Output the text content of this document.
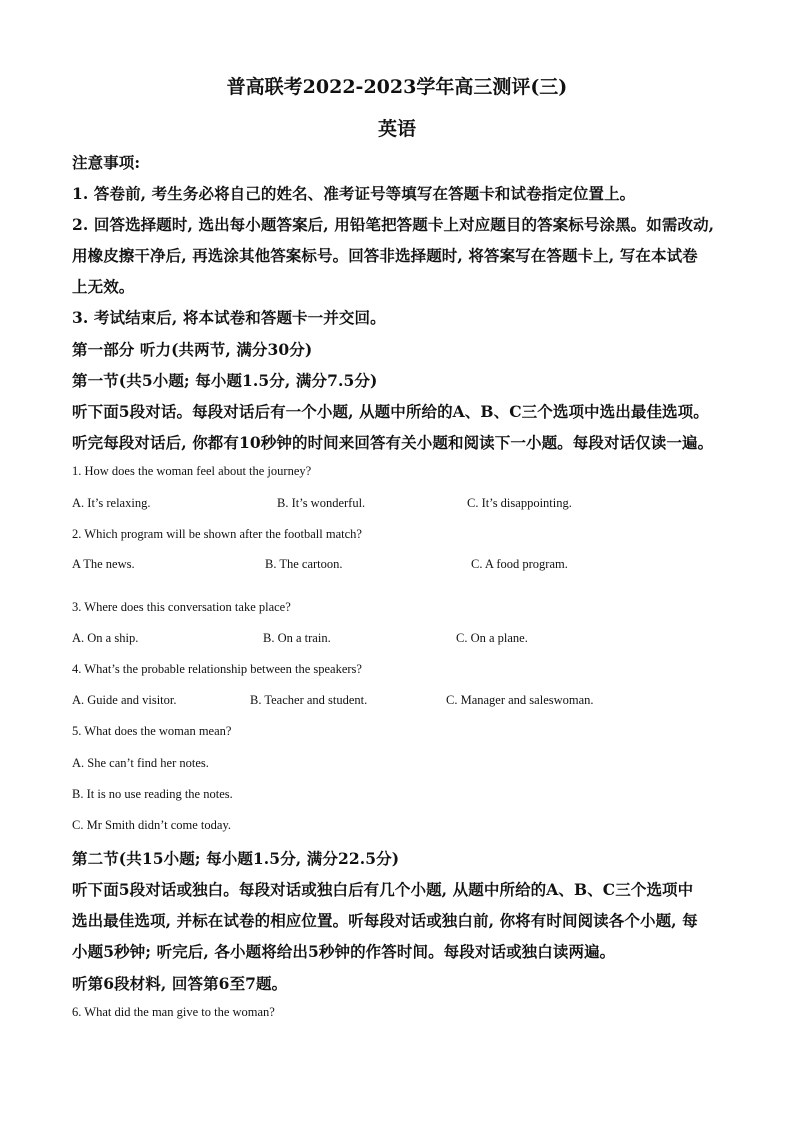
普高联考2022-2023学年高三测评(三)
英语
注意事项:
1. 答卷前, 考生务必将自己的姓名、准考证号等填写在答题卡和试卷指定位置上。
2. 回答选择题时, 选出每小题答案后, 用铅笔把答题卡上对应题目的答案标号涂黑。如需改动,
用橡皮擦干净后, 再选涂其他答案标号。回答非选择题时, 将答案写在答题卡上, 写在本试卷
上无效。
3. 考试结束后, 将本试卷和答题卡一并交回。
第一部分 听力(共两节, 满分30分)
第一节(共5小题; 每小题1.5分, 满分7.5分)
听下面5段对话。每段对话后有一个小题, 从题中所给的A、B、C三个选项中选出最佳选项。
听完每段对话后, 你都有10秒钟的时间来回答有关小题和阅读下一小题。每段对话仅读一遍。
1. How does the woman feel about the journey?
A. It’s relaxing.	B. It’s wonderful.	C. It’s disappointing.
2. Which program will be shown after the football match?
A The news.	B. The cartoon.	C. A food program.
3. Where does this conversation take place?
A. On a ship.	B. On a train.	C. On a plane.
4. What’s the probable relationship between the speakers?
A. Guide and visitor.	B. Teacher and student.	C. Manager and saleswoman.
5. What does the woman mean?
A. She can’t find her notes.
B. It is no use reading the notes.
C. Mr Smith didn’t come today.
第二节(共15小题; 每小题1.5分, 满分22.5分)
听下面5段对话或独白。每段对话或独白后有几个小题, 从题中所给的A、B、C三个选项中
选出最佳选项, 并标在试卷的相应位置。听每段对话或独白前, 你将有时间阅读各个小题, 每
小题5秒钟; 听完后, 各小题将给出5秒钟的作答时间。每段对话或独白读两遍。
听第6段材料, 回答第6至7题。
6. What did the man give to the woman?
